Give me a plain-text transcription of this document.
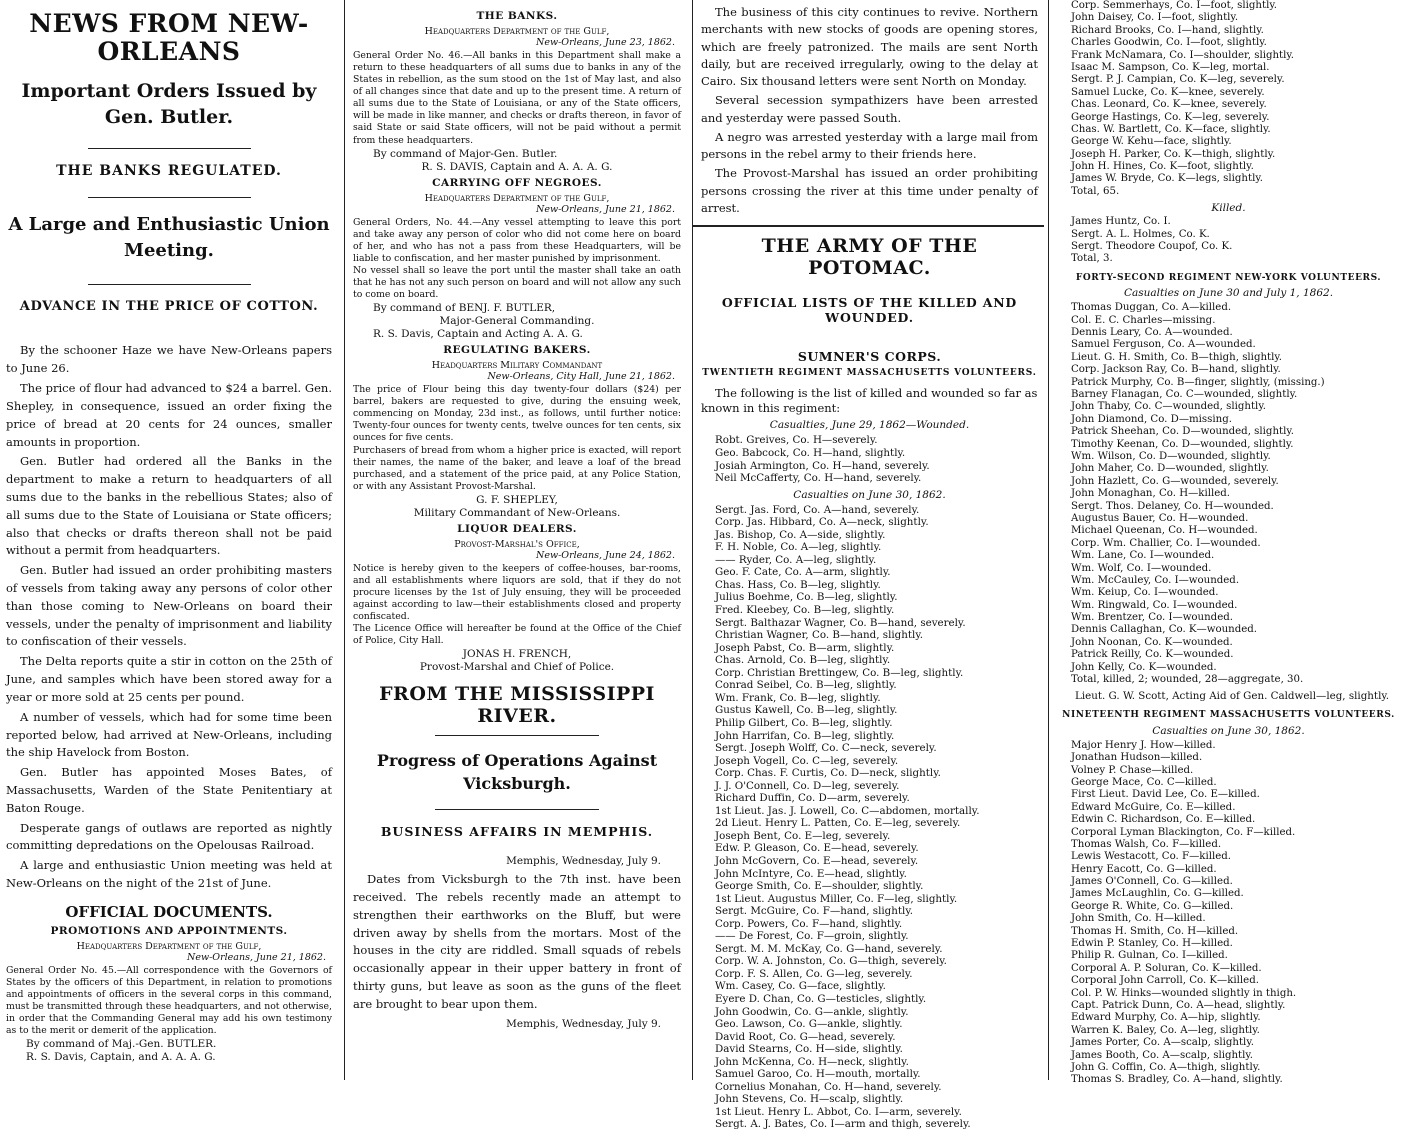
NEWS FROM NEW-ORLEANS
Important Orders Issued by Gen. Butler.
THE BANKS REGULATED.
A Large and Enthusiastic Union Meeting.
ADVANCE IN THE PRICE OF COTTON.

By the schooner Haze we have New-Orleans papers to June 26.

The price of flour had advanced to $24 a barrel. Gen. Shepley, in consequence, issued an order fixing the price of bread at 20 cents for 24 ounces, smaller amounts in proportion.

Gen. Butler had ordered all the Banks in the department to make a return to headquarters of all sums due to the banks in the rebellious States; also of all sums due to the State of Louisiana or State officers; also that checks or drafts thereon shall not be paid without a permit from headquarters.

Gen. Butler had issued an order prohibiting masters of vessels from taking away any persons of color other than those coming to New-Orleans on board their vessels, under the penalty of imprisonment and liability to confiscation of their vessels.

The Delta reports quite a stir in cotton on the 25th of June, and samples which have been stored away for a year or more sold at 25 cents per pound.

A number of vessels, which had for some time been reported below, had arrived at New-Orleans, including the ship Havelock from Boston.

Gen. Butler has appointed Moses Bates, of Massachusetts, Warden of the State Penitentiary at Baton Rouge.

Desperate gangs of outlaws are reported as nightly committing depredations on the Opelousas Railroad.

A large and enthusiastic Union meeting was held at New-Orleans on the night of the 21st of June.

OFFICIAL DOCUMENTS.
PROMOTIONS AND APPOINTMENTS.
Headquarters Department of the Gulf,
New-Orleans, June 21, 1862.

General Order No. 45.—All correspondence with the Governors of States by the officers of this Department, in relation to promotions and appointments of officers in the several corps in this command, must be transmitted through these headquarters, and not otherwise, in order that the Commanding General may add his own testimony as to the merit or demerit of the application.

By command of Maj.-Gen. BUTLER.
R. S. Davis, Captain, and A. A. A. G.
THE BANKS.
Headquarters Department of the Gulf,
New-Orleans, June 23, 1862.

General Order No. 46.—All banks in this Department shall make a return to these headquarters of all sums due to banks in any of the States in rebellion, as the sum stood on the 1st of May last, and also of all changes since that date and up to the present time. A return of all sums due to the State of Louisiana, or any of the State officers, will be made in like manner, and checks or drafts thereon, in favor of said State or said State officers, will not be paid without a permit from these headquarters.

By command of Major-Gen. Butler.
R. S. DAVIS, Captain and A. A. A. G.
CARRYING OFF NEGROES.
Headquarters Department of the Gulf,
New-Orleans, June 21, 1862.

General Orders, No. 44.—Any vessel attempting to leave this port and take away any person of color who did not come here on board of her, and who has not a pass from these Headquarters, will be liable to confiscation, and her master punished by imprisonment.

No vessel shall so leave the port until the master shall take an oath that he has not any such person on board and will not allow any such to come on board.

By command of BENJ. F. BUTLER,
Major-General Commanding.
R. S. Davis, Captain and Acting A. A. G.
REGULATING BAKERS.
Headquarters Military Commandant
New-Orleans, City Hall, June 21, 1862.

The price of Flour being this day twenty-four dollars ($24) per barrel, bakers are requested to give, during the ensuing week, commencing on Monday, 23d inst., as follows, until further notice: Twenty-four ounces for twenty cents, twelve ounces for ten cents, six ounces for five cents.

Purchasers of bread from whom a higher price is exacted, will report their names, the name of the baker, and leave a loaf of the bread purchased, and a statement of the price paid, at any Police Station, or with any Assistant Provost-Marshal.

G. F. SHEPLEY,
Military Commandant of New-Orleans.
LIQUOR DEALERS.
Provost-Marshal's Office,
New-Orleans, June 24, 1862.

Notice is hereby given to the keepers of coffee-houses, bar-rooms, and all establishments where liquors are sold, that if they do not procure licenses by the 1st of July ensuing, they will be proceeded against according to law—their establishments closed and property confiscated.

The Licence Office will hereafter be found at the Office of the Chief of Police, City Hall.

JONAS H. FRENCH,
Provost-Marshal and Chief of Police.
FROM THE MISSISSIPPI RIVER.
Progress of Operations Against Vicksburgh.
BUSINESS AFFAIRS IN MEMPHIS.
Memphis, Wednesday, July 9.

Dates from Vicksburgh to the 7th inst. have been received. The rebels recently made an attempt to strengthen their earthworks on the Bluff, but were driven away by shells from the mortars. Most of the houses in the city are riddled. Small squads of rebels occasionally appear in their upper battery in front of thirty guns, but leave as soon as the guns of the fleet are brought to bear upon them.

Memphis, Wednesday, July 9.

The business of this city continues to revive. Northern merchants with new stocks of goods are opening stores, which are freely patronized. The mails are sent North daily, but are received irregularly, owing to the delay at Cairo. Six thousand letters were sent North on Monday.

Several secession sympathizers have been arrested and yesterday were passed South.

A negro was arrested yesterday with a large mail from persons in the rebel army to their friends here.

The Provost-Marshal has issued an order prohibiting persons crossing the river at this time under penalty of arrest.

THE ARMY OF THE POTOMAC.
OFFICIAL LISTS OF THE KILLED AND WOUNDED.
SUMNER'S CORPS.
TWENTIETH REGIMENT MASSACHUSETTS VOLUNTEERS.

The following is the list of killed and wounded so far as known in this regiment:

Casualties, June 29, 1862—Wounded.
Robt. Greives, Co. H—severely.
Geo. Babcock, Co. H—hand, slightly.
Josiah Armington, Co. H—hand, severely.
Neil McCafferty, Co. H—hand, severely.
Casualties on June 30, 1862.
Sergt. Jas. Ford, Co. A—hand, severely.
Corp. Jas. Hibbard, Co. A—neck, slightly.
Jas. Bishop, Co. A—side, slightly.
F. H. Noble, Co. A—leg, slightly.
—— Ryder, Co. A—leg, slightly.
Geo. F. Cate, Co. A—arm, slightly.
Chas. Hass, Co. B—leg, slightly.
Julius Boehme, Co. B—leg, slightly.
Fred. Kleebey, Co. B—leg, slightly.
Sergt. Balthazar Wagner, Co. B—hand, severely.
Christian Wagner, Co. B—hand, slightly.
Joseph Pabst, Co. B—arm, slightly.
Chas. Arnold, Co. B—leg, slightly.
Corp. Christian Brettingew, Co. B—leg, slightly.
Conrad Seibel, Co. B—leg, slightly.
Wm. Frank, Co. B—leg, slightly.
Gustus Kawell, Co. B—leg, slightly.
Philip Gilbert, Co. B—leg, slightly.
John Harrifan, Co. B—leg, slightly.
Sergt. Joseph Wolff, Co. C—neck, severely.
Joseph Vogell, Co. C—leg, severely.
Corp. Chas. F. Curtis, Co. D—neck, slightly.
J. J. O'Connell, Co. D—leg, severely.
Richard Duffin, Co. D—arm, severely.
1st Lieut. Jas. J. Lowell, Co. C—abdomen, mortally.
2d Lieut. Henry L. Patten, Co. E—leg, severely.
Joseph Bent, Co. E—leg, severely.
Edw. P. Gleason, Co. E—head, severely.
John McGovern, Co. E—head, severely.
John McIntyre, Co. E—head, slightly.
George Smith, Co. E—shoulder, slightly.
1st Lieut. Augustus Miller, Co. F—leg, slightly.
Sergt. McGuire, Co. F—hand, slightly.
Corp. Powers, Co. F—hand, slightly.
—— De Forest, Co. F—groin, slightly.
Sergt. M. M. McKay, Co. G—hand, severely.
Corp. W. A. Johnston, Co. G—thigh, severely.
Corp. F. S. Allen, Co. G—leg, severely.
Wm. Casey, Co. G—face, slightly.
Eyere D. Chan, Co. G—testicles, slightly.
John Goodwin, Co. G—ankle, slightly.
Geo. Lawson, Co. G—ankle, slightly.
David Root, Co. G—head, severely.
David Stearns, Co. H—side, slightly.
John McKenna, Co. H—neck, slightly.
Samuel Garoo, Co. H—mouth, mortally.
Cornelius Monahan, Co. H—hand, severely.
John Stevens, Co. H—scalp, slightly.
1st Lieut. Henry L. Abbot, Co. I—arm, severely.
Sergt. A. J. Bates, Co. I—arm and thigh, severely.
Corp. Semmerhays, Co. I—foot, slightly.
John Daisey, Co. I—foot, slightly.
Richard Brooks, Co. I—hand, slightly.
Charles Goodwin, Co. I—foot, slightly.
Frank McNamara, Co. I—shoulder, slightly.
Isaac M. Sampson, Co. K—leg, mortal.
Sergt. P. J. Campian, Co. K—leg, severely.
Samuel Lucke, Co. K—knee, severely.
Chas. Leonard, Co. K—knee, severely.
George Hastings, Co. K—leg, severely.
Chas. W. Bartlett, Co. K—face, slightly.
George W. Kehu—face, slightly.
Joseph H. Parker, Co. K—thigh, slightly.
John H. Hines, Co. K—foot, slightly.
James W. Bryde, Co. K—legs, slightly.
Total, 65.
Killed.
James Huntz, Co. I.
Sergt. A. L. Holmes, Co. K.
Sergt. Theodore Coupof, Co. K.
Total, 3.
FORTY-SECOND REGIMENT NEW-YORK VOLUNTEERS.
Casualties on June 30 and July 1, 1862.
Thomas Duggan, Co. A—killed.
Col. E. C. Charles—missing.
Dennis Leary, Co. A—wounded.
Samuel Ferguson, Co. A—wounded.
Lieut. G. H. Smith, Co. B—thigh, slightly.
Corp. Jackson Ray, Co. B—hand, slightly.
Patrick Murphy, Co. B—finger, slightly, (missing.)
Barney Flanagan, Co. C—wounded, slightly.
John Thaby, Co. C—wounded, slightly.
John Diamond, Co. D—missing.
Patrick Sheehan, Co. D—wounded, slightly.
Timothy Keenan, Co. D—wounded, slightly.
Wm. Wilson, Co. D—wounded, slightly.
John Maher, Co. D—wounded, slightly.
John Hazlett, Co. G—wounded, severely.
John Monaghan, Co. H—killed.
Sergt. Thos. Delaney, Co. H—wounded.
Augustus Bauer, Co. H—wounded.
Michael Queenan, Co. H—wounded.
Corp. Wm. Challier, Co. I—wounded.
Wm. Lane, Co. I—wounded.
Wm. Wolf, Co. I—wounded.
Wm. McCauley, Co. I—wounded.
Wm. Keiup, Co. I—wounded.
Wm. Ringwald, Co. I—wounded.
Wm. Brentzer, Co. I—wounded.
Dennis Callaghan, Co. K—wounded.
John Noonan, Co. K—wounded.
Patrick Reilly, Co. K—wounded.
John Kelly, Co. K—wounded.
Total, killed, 2; wounded, 28—aggregate, 30.

Lieut. G. W. Scott, Acting Aid of Gen. Caldwell—leg, slightly.

NINETEENTH REGIMENT MASSACHUSETTS VOLUNTEERS.
Casualties on June 30, 1862.
Major Henry J. How—killed.
Jonathan Hudson—killed.
Volney P. Chase—killed.
George Mace, Co. C—killed.
First Lieut. David Lee, Co. E—killed.
Edward McGuire, Co. E—killed.
Edwin C. Richardson, Co. E—killed.
Corporal Lyman Blackington, Co. F—killed.
Thomas Walsh, Co. F—killed.
Lewis Westacott, Co. F—killed.
Henry Eacott, Co. G—killed.
James O'Connell, Co. G—killed.
James McLaughlin, Co. G—killed.
George R. White, Co. G—killed.
John Smith, Co. H—killed.
Thomas H. Smith, Co. H—killed.
Edwin P. Stanley, Co. H—killed.
Philip R. Gulnan, Co. I—killed.
Corporal A. P. Soluran, Co. K—killed.
Corporal John Carroll, Co. K—killed.
Col. P. W. Hinks—wounded slightly in thigh.
Capt. Patrick Dunn, Co. A—head, slightly.
Edward Murphy, Co. A—hip, slightly.
Warren K. Baley, Co. A—leg, slightly.
James Porter, Co. A—scalp, slightly.
James Booth, Co. A—scalp, slightly.
John G. Coffin, Co. A—thigh, slightly.
Thomas S. Bradley, Co. A—hand, slightly.
